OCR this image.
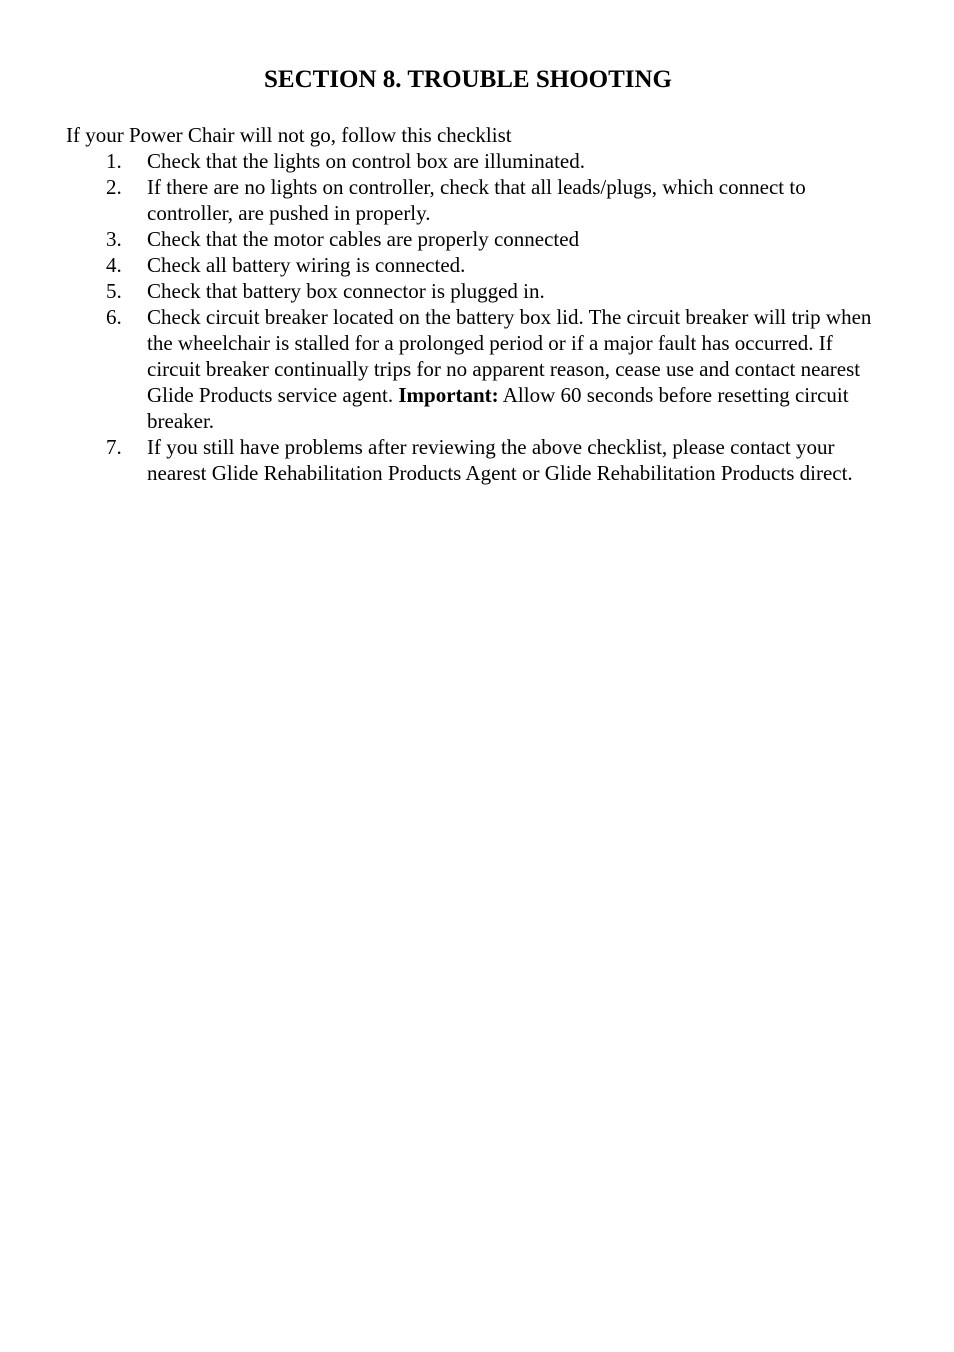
SECTION 8. TROUBLE SHOOTING

If your Power Chair will not go, follow this checklist

1.	Check that the lights on control box are illuminated.
2.	If there are no lights on controller, check that all leads/plugs, which connect to controller, are pushed in properly.
3.	Check that the motor cables are properly connected
4.	Check all battery wiring is connected.
5.	Check that battery box connector is plugged in.
6.	Check circuit breaker located on the battery box lid. The circuit breaker will trip when the wheelchair is stalled for a prolonged period or if a major fault has occurred. If circuit breaker continually trips for no apparent reason, cease use and contact nearest Glide Products service agent. Important: Allow 60 seconds before resetting circuit breaker.
7.	If you still have problems after reviewing the above checklist, please contact your nearest Glide Rehabilitation Products Agent or Glide Rehabilitation Products direct.
